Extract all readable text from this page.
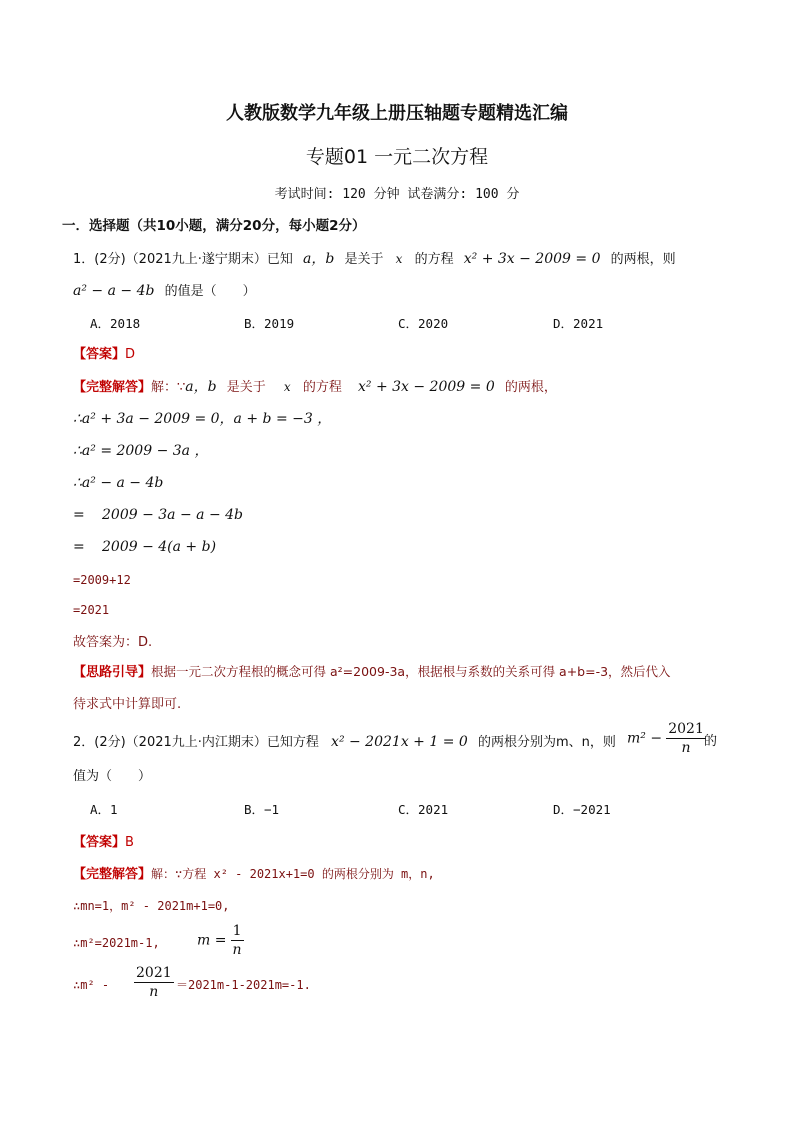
人教版数学九年级上册压轴题专题精选汇编
专题01 一元二次方程
考试时间: 120 分钟 试卷满分: 100 分
一．选择题（共10小题，满分20分，每小题2分）
1．(2分)（2021九上·遂宁期末）已知 a，b 是关于 x 的方程 x² + 3x − 2009 = 0 的两根，则
a² − a − 4b 的值是（　　）
A．2018	B．2019	C．2020	D．2021
【答案】D
【完整解答】解：∵a，b 是关于 x 的方程 x² + 3x − 2009 = 0 的两根，
∴a² + 3a − 2009 = 0，a + b = −3 ，
∴a² = 2009 − 3a ，
∴a² − a − 4b
= 2009 − 3a − a − 4b
= 2009 − 4(a + b)
=2009+12
=2021
故答案为：D.
【思路引导】根据一元二次方程根的概念可得 a²=2009-3a，根据根与系数的关系可得 a+b=-3，然后代入
待求式中计算即可.
2．(2分)（2021九上·内江期末）已知方程 x² − 2021x + 1 = 0 的两根分别为m、n，则 $m^2 - \frac{2021}{n}$
的
值为（　　）
A．1	B．−1	C．2021	D．−2021
【答案】B
【完整解答】解：∵方程 x² - 2021x+1=0 的两根分别为 m，n,
∴mn=1，m² - 2021m+1=0,
∴m²=2021m-1,	$m = \frac{1}{n}$
∴m² - $\frac{2021}{n} =2021m-1-2021m=-1$.
